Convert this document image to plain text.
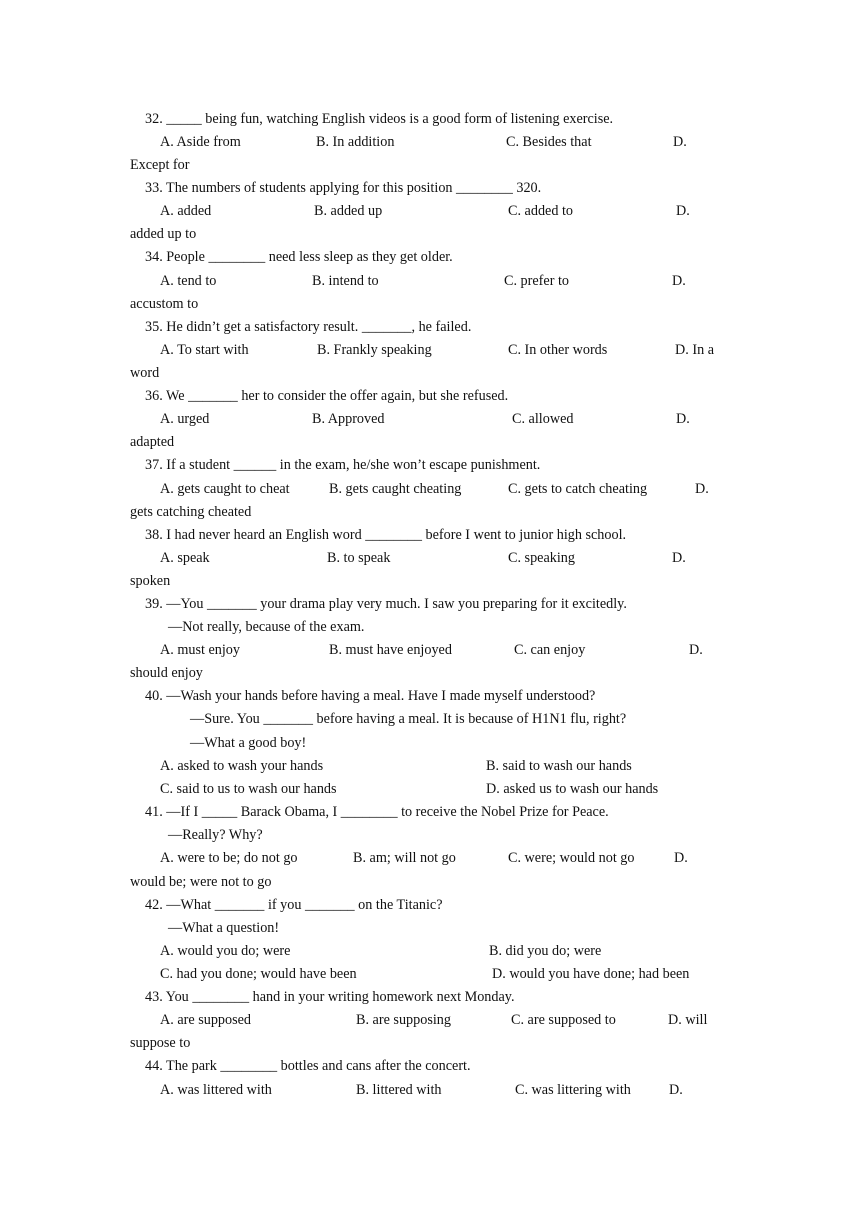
32. _____ being fun, watching English videos is a good form of listening exercise.
A. Aside from	B. In addition	C. Besides that	D.
Except for
33. The numbers of students applying for this position ________ 320.
A. added	B. added up	C. added to	D.
added up to
34. People ________ need less sleep as they get older.
A. tend to	B. intend to	C. prefer to	D.
accustom to
35. He didn’t get a satisfactory result. _______, he failed.
A. To start with	B. Frankly speaking	C. In other words	D. In a
word
36. We _______ her to consider the offer again, but she refused.
A. urged	B. Approved	C. allowed	D.
adapted
37. If a student ______ in the exam, he/she won’t escape punishment.
A. gets caught to cheat	B. gets caught cheating	C. gets to catch cheating	D.
gets catching cheated
38. I had never heard an English word ________ before I went to junior high school.
A. speak	B. to speak	C. speaking	D.
spoken
39. —You _______ your drama play very much. I saw you preparing for it excitedly.
—Not really, because of the exam.
A. must enjoy	B. must have enjoyed	C. can enjoy	D.
should enjoy
40. —Wash your hands before having a meal. Have I made myself understood?
—Sure. You _______ before having a meal. It is because of H1N1 flu, right?
—What a good boy!
A. asked to wash your hands	B. said to wash our hands
C. said to us to wash our hands	D. asked us to wash our hands
41. —If I _____ Barack Obama, I ________ to receive the Nobel Prize for Peace.
—Really? Why?
A. were to be; do not go	B. am; will not go	C. were; would not go	D.
would be; were not to go
42. —What _______ if you _______ on the Titanic?
—What a question!
A. would you do; were	B. did you do; were
C. had you done; would have been	D. would you have done; had been
43. You ________ hand in your writing homework next Monday.
A. are supposed	B. are supposing	C. are supposed to	D. will
suppose to
44. The park ________ bottles and cans after the concert.
A. was littered with	B. littered with	C. was littering with	D.
